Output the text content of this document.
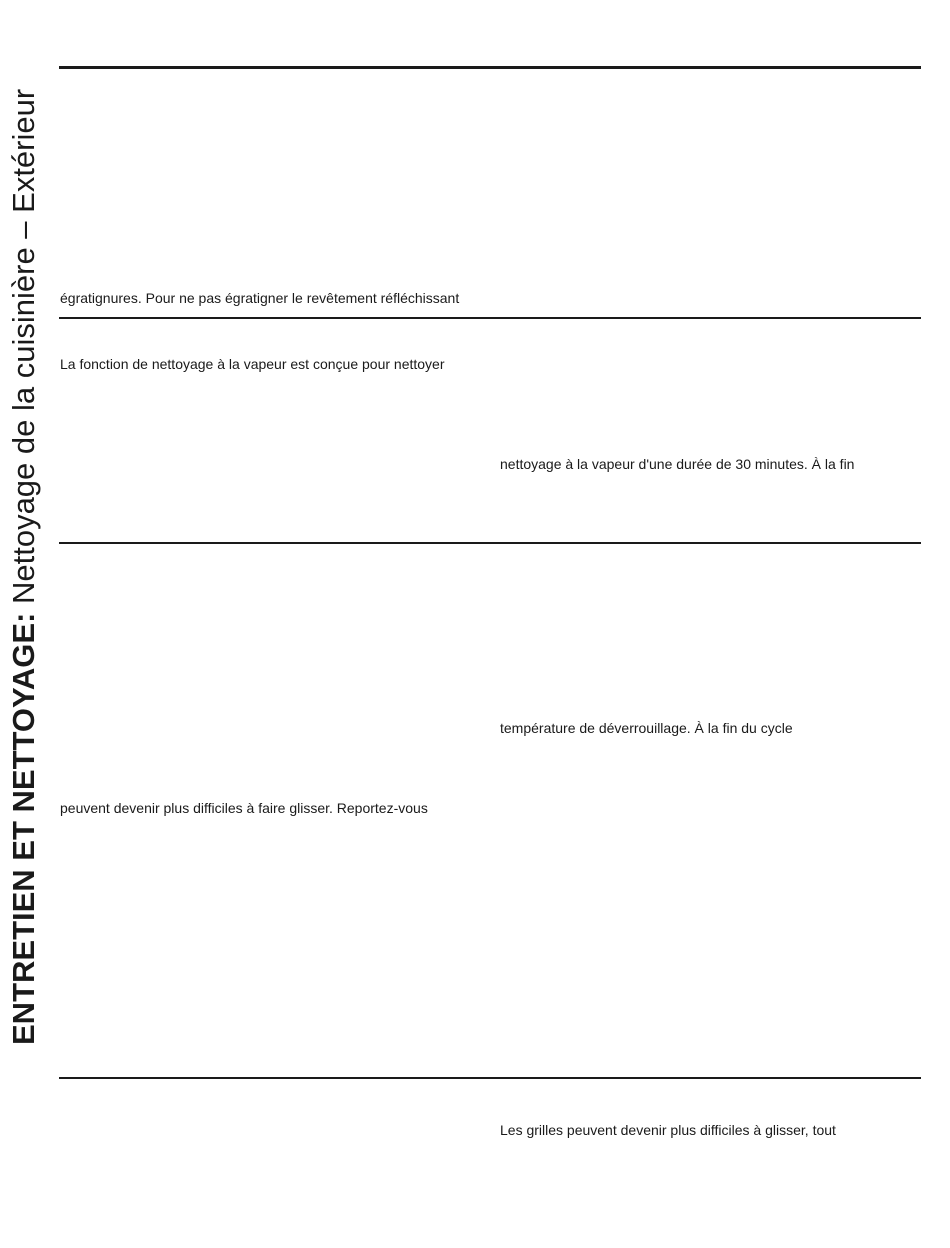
ENTRETIEN ET NETTOYAGE: Nettoyage de la cuisinière – Extérieur	égratignures. Pour ne pas égratigner le revêtement réfléchissant
La fonction de nettoyage à la vapeur est conçue pour nettoyer
nettoyage à la vapeur d'une durée de 30 minutes. À la fin
température de déverrouillage. À la fin du cycle
peuvent devenir plus difficiles à faire glisser. Reportez-vous
Les grilles peuvent devenir plus difficiles à glisser, tout
